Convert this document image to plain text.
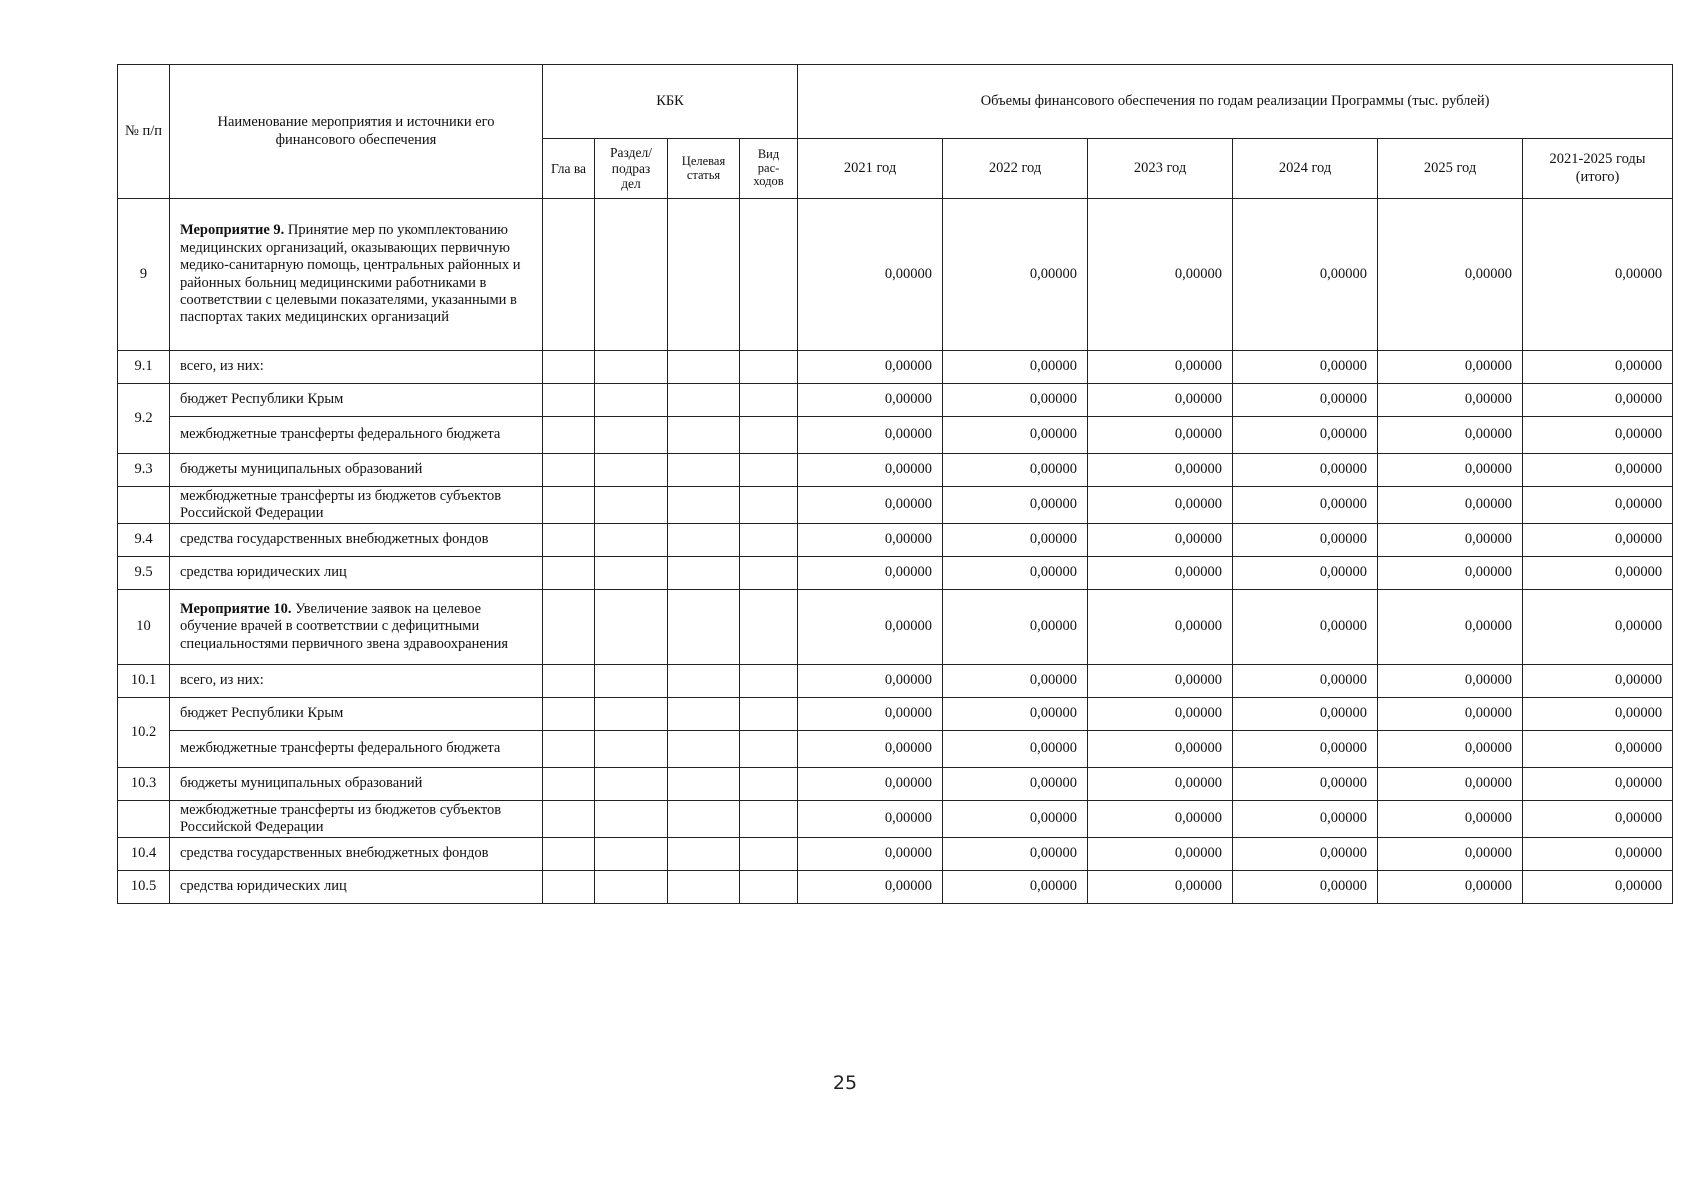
№ п/п	Наименование мероприятия и источники его финансового обеспечения	КБК				Объемы финансового обеспечения по годам реализации Программы (тыс. рублей)					
		Гла ва	Раздел/ подраз дел	Целевая статья	Вид рас- ходов	2021 год	2022 год	2023 год	2024 год	2025 год	2021-2025 годы (итого)
9	Мероприятие 9. Принятие мер по укомплектованию медицинских организаций, оказывающих первичную медико-санитарную помощь, центральных районных и районных больниц медицинскими работниками в соответствии с целевыми показателями, указанными в паспортах таких медицинских организаций					0,00000	0,00000	0,00000	0,00000	0,00000	0,00000
9.1	всего, из них:					0,00000	0,00000	0,00000	0,00000	0,00000	0,00000
9.2	бюджет Республики Крым					0,00000	0,00000	0,00000	0,00000	0,00000	0,00000
	межбюджетные трансферты федерального бюджета					0,00000	0,00000	0,00000	0,00000	0,00000	0,00000
9.3	бюджеты муниципальных образований					0,00000	0,00000	0,00000	0,00000	0,00000	0,00000
	межбюджетные трансферты из бюджетов субъектов Российской Федерации					0,00000	0,00000	0,00000	0,00000	0,00000	0,00000
9.4	средства государственных внебюджетных фондов					0,00000	0,00000	0,00000	0,00000	0,00000	0,00000
9.5	средства юридических лиц					0,00000	0,00000	0,00000	0,00000	0,00000	0,00000
10	Мероприятие 10. Увеличение заявок на целевое обучение врачей в соответствии с дефицитными специальностями первичного звена здравоохранения					0,00000	0,00000	0,00000	0,00000	0,00000	0,00000
10.1	всего, из них:					0,00000	0,00000	0,00000	0,00000	0,00000	0,00000
10.2	бюджет Республики Крым					0,00000	0,00000	0,00000	0,00000	0,00000	0,00000
	межбюджетные трансферты федерального бюджета					0,00000	0,00000	0,00000	0,00000	0,00000	0,00000
10.3	бюджеты муниципальных образований					0,00000	0,00000	0,00000	0,00000	0,00000	0,00000
	межбюджетные трансферты из бюджетов субъектов Российской Федерации					0,00000	0,00000	0,00000	0,00000	0,00000	0,00000
10.4	средства государственных внебюджетных фондов					0,00000	0,00000	0,00000	0,00000	0,00000	0,00000
10.5	средства юридических лиц					0,00000	0,00000	0,00000	0,00000	0,00000	0,00000
25
